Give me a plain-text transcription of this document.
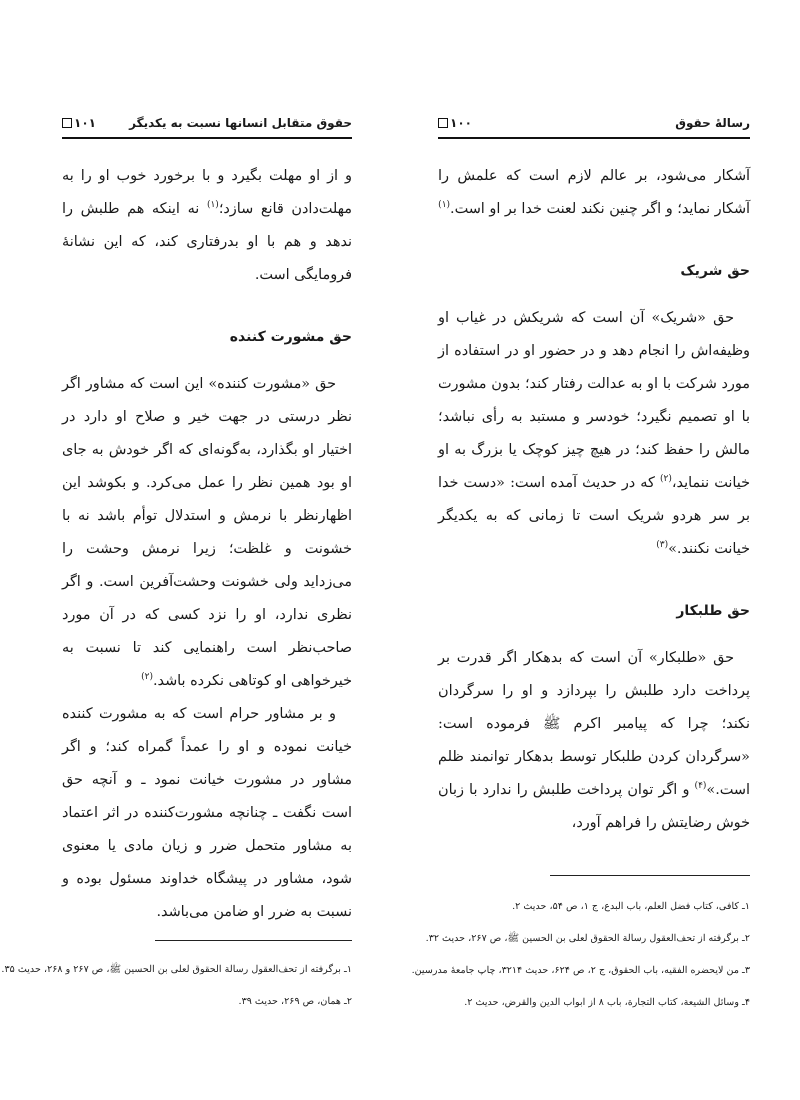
۱۰۱	حقوق متقابل انسانها نسبت به یکدیگر

و از او مهلت بگیرد و با برخورد خوب او را به مهلت‌دادن قانع سازد؛$^{(۱)}$ نه اینکه هم طلبش را ندهد و هم با او بدرفتاری کند، که این نشانهٔ فرومایگی است.

حق مشورت کننده

حق «مشورت کننده» این است که مشاور اگر نظر درستی در جهت خیر و صلاح او دارد در اختیار او بگذارد، به‌گونه‌ای که اگر خودش به جای او بود همین نظر را عمل می‌کرد. و بکوشد این اظهارنظر با نرمش و استدلال توأم باشد نه با خشونت و غلظت؛ زیرا نرمش وحشت را می‌زداید ولی خشونت وحشت‌آفرین است. و اگر نظری ندارد، او را نزد کسی که در آن مورد صاحب‌نظر است راهنمایی کند تا نسبت به خیرخواهی او کوتاهی نکرده باشد.$^{(۲)}$

و بر مشاور حرام است که به مشورت کننده خیانت نموده و او را عمداً گمراه کند؛ و اگر مشاور در مشورت خیانت نمود ـ و آنچه حق است نگفت ـ چنانچه مشورت‌کننده در اثر اعتماد به مشاور متحمل ضرر و زیان مادی یا معنوی شود، مشاور در پیشگاه خداوند مسئول بوده و نسبت به ضرر او ضامن می‌باشد.

۱ـ برگرفته از تحف‌العقول رسالة الحقوق لعلی بن الحسین ﷺ، ص ۲۶۷ و ۲۶۸، حدیث ۳۵.
۲ـ همان، ص ۲۶۹، حدیث ۳۹.
۱۰۰	رسالهٔ حقوق

آشکار می‌شود، بر عالم لازم است که علمش را آشکار نماید؛ و اگر چنین نکند لعنت خدا بر او است.$^{(۱)}$

حق شریک

حق «شریک» آن است که شریکش در غیاب او وظیفه‌اش را انجام دهد و در حضور او در استفاده از مورد شرکت با او به عدالت رفتار کند؛ بدون مشورت با او تصمیم نگیرد؛ خودسر و مستبد به رأی نباشد؛ مالش را حفظ کند؛ در هیچ چیز کوچک یا بزرگ به او خیانت ننماید،$^{(۲)}$ که در حدیث آمده است: «دست خدا بر سر هردو شریک است تا زمانی که به یکدیگر خیانت نکنند.»$^{(۳)}$

حق طلبکار

حق «طلبکار» آن است که بدهکار اگر قدرت بر پرداخت دارد طلبش را بپردازد و او را سرگردان نکند؛ چرا که پیامبر اکرم ﷺ فرموده است: «سرگردان کردن طلبکار توسط بدهکار توانمند ظلم است.»$^{(۴)}$ و اگر توان پرداخت طلبش را ندارد با زبان خوش رضایتش را فراهم آورد،

۱ـ کافی، کتاب فضل العلم، باب البدع، ج ۱، ص ۵۴، حدیث ۲.
۲ـ برگرفته از تحف‌العقول رسالة الحقوق لعلی بن الحسین ﷺ، ص ۲۶۷، حدیث ۳۲.
۳ـ من لایحضره الفقیه، باب الحقوق، ج ۲، ص ۶۲۴، حدیث ۳۲۱۴، چاپ جامعهٔ مدرسین.
۴ـ وسائل الشیعة، کتاب التجارة، باب ۸ از ابواب الدین والقرض، حدیث ۲.
